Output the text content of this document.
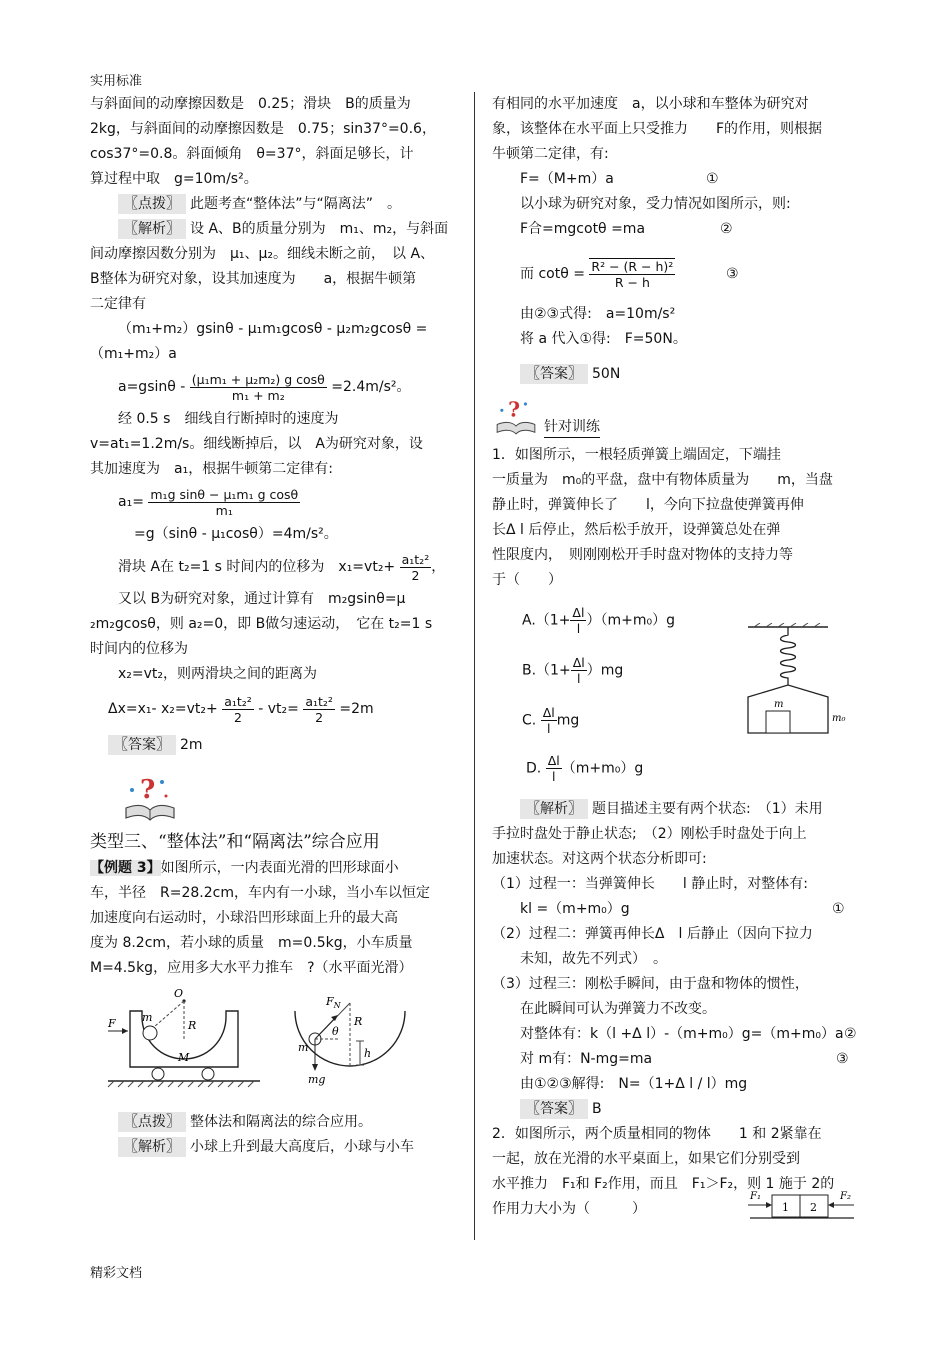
实用标准
与斜面间的动摩擦因数是　0.25；滑块　B的质量为
2kg，与斜面间的动摩擦因数是　0.75；sin37°=0.6，
cos37°=0.8。斜面倾角　θ=37°，斜面足够长，计
算过程中取　g=10m/s²。
〖点拨〗 此题考查“整体法”与“隔离法”　。
〖解析〗 设 A、B的质量分别为　m₁、m₂，与斜面
间动摩擦因数分别为　μ₁、μ₂。细线未断之前，　以 A、
B整体为研究对象，设其加速度为　　a，根据牛顿第
二定律有
（m₁+m₂）gsinθ - μ₁m₁gcosθ - μ₂m₂gcosθ =
（m₁+m₂）a
$a=gsin\theta - \frac{\text{(μ₁m₁ + μ₂m₂) g cosθ}}{\text{m₁ + m₂}} =2.4m/s^2$。
经 0.5 s　细线自行断掉时的速度为
v=at₁=1.2m/s。细线断掉后，以　A为研究对象，设
其加速度为　a₁，根据牛顿第二定律有:
$a_1= \frac{\text{m₁g sinθ − μ₁m₁ g cosθ}}{\text{m₁}}$
=g（sinθ - μ₁cosθ）=4m/s²。
滑块 A在 t₂=1 s 时间内的位移为　$x_1=vt_2+ \frac{\text{a₁t₂²}}{2}$ ，
又以 B为研究对象，通过计算有　m₂gsinθ=μ
₂m₂gcosθ，则 a₂=0，即 B做匀速运动，　它在 t₂=1 s
时间内的位移为
x₂=vt₂，则两滑块之间的距离为
Δx=x₁- $x_2=vt_2+ \frac{\text{a₁t₂²}}{2} - vt_2= \frac{\text{a₁t₂²}}{2} =2m$
〖答案〗 2m
?
类型三、“整体法”和“隔离法”综合应用
【例题 3】如图所示，一内表面光滑的凹形球面小
车，半径　R=28.2cm，车内有一小球，当小车以恒定
加速度向右运动时，小球沿凹形球面上升的最大高
度为 8.2cm，若小球的质量　m=0.5kg，小车质量
M=4.5kg，应用多大水平力推车　?（水平面光滑）
F
O
R
m
M
$F_N$
mg
θ
R
h
m
〖点拨〗 整体法和隔离法的综合应用。
〖解析〗 小球上升到最大高度后，小球与小车
有相同的水平加速度　a，以小球和车整体为研究对
象，该整体在水平面上只受推力　　F的作用，则根据
牛顿第二定律，有:
F=（M+m）a	①
以小球为研究对象，受力情况如图所示，则:
F合=mgcotθ =ma	②
而 $\cot\theta = \frac{\text{R² − (R − h)²}}{R - h}$	③
由②③式得:　a=10m/s²
将 a 代入①得:　F=50N。
〖答案〗 50N
?
针对训练
1．如图所示，一根轻质弹簧上端固定，下端挂
一质量为　m₀的平盘，盘中有物体质量为　　m，当盘
静止时，弹簧伸长了　　l，今向下拉盘使弹簧再伸
长Δ l 后停止，然后松手放开，设弹簧总处在弹
性限度内，　则刚刚松开手时盘对物体的支持力等
于（　　）
$A.(1+ \frac{\Delta l}{l} )(m+m_0)g$
$B.(1+ \frac{\Delta l}{l} )mg$
C. $\frac{\Delta l}{l}$ mg
D. $\frac{\Delta l}{l} (m+m_0)g$
m
m₀
〖解析〗 题目描述主要有两个状态:　（1）未用
手拉时盘处于静止状态;　（2）刚松手时盘处于向上
加速状态。对这两个状态分析即可:
（1）过程一：当弹簧伸长　　l 静止时，对整体有:
kl =（m+m₀）g	①
（2）过程二：弹簧再伸长Δ　l 后静止（因向下拉力
未知，故先不列式）　。
（3）过程三：刚松手瞬间，由于盘和物体的惯性，
在此瞬间可认为弹簧力不改变。
对整体有：k（l +Δ l）-（m+m₀）g=（m+m₀）a ②
对 m有：N-mg=ma	③
由①②③解得:　N=（1+Δ l / l）mg
〖答案〗 B
2．如图所示，两个质量相同的物体　　1 和 2紧靠在
一起，放在光滑的水平桌面上，如果它们分别受到
水平推力　F₁和 F₂作用，而且　F₁＞F₂，则 1 施于 2的
作用力大小为（　　　）
F₁
1 2
F₂
精彩文档
